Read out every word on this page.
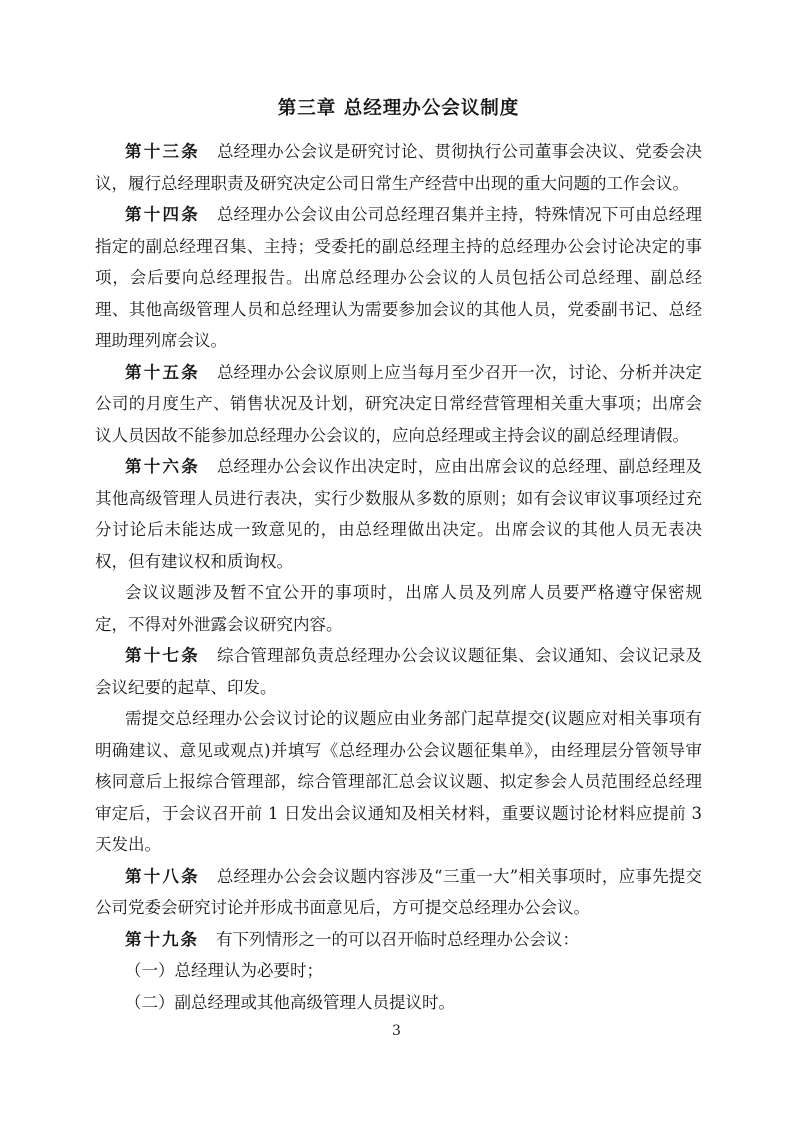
第三章 总经理办公会议制度

第十三条 总经理办公会议是研究讨论、贯彻执行公司董事会决议、党委会决议，履行总经理职责及研究决定公司日常生产经营中出现的重大问题的工作会议。

第十四条 总经理办公会议由公司总经理召集并主持，特殊情况下可由总经理指定的副总经理召集、主持；受委托的副总经理主持的总经理办公会讨论决定的事项，会后要向总经理报告。出席总经理办公会议的人员包括公司总经理、副总经理、其他高级管理人员和总经理认为需要参加会议的其他人员，党委副书记、总经理助理列席会议。

第十五条 总经理办公会议原则上应当每月至少召开一次，讨论、分析并决定公司的月度生产、销售状况及计划，研究决定日常经营管理相关重大事项；出席会议人员因故不能参加总经理办公会议的，应向总经理或主持会议的副总经理请假。

第十六条 总经理办公会议作出决定时，应由出席会议的总经理、副总经理及其他高级管理人员进行表决，实行少数服从多数的原则；如有会议审议事项经过充分讨论后未能达成一致意见的，由总经理做出决定。出席会议的其他人员无表决权，但有建议权和质询权。

会议议题涉及暂不宜公开的事项时，出席人员及列席人员要严格遵守保密规定，不得对外泄露会议研究内容。

第十七条 综合管理部负责总经理办公会议议题征集、会议通知、会议记录及会议纪要的起草、印发。

需提交总经理办公会议讨论的议题应由业务部门起草提交(议题应对相关事项有明确建议、意见或观点)并填写《总经理办公会议题征集单》，由经理层分管领导审核同意后上报综合管理部，综合管理部汇总会议议题、拟定参会人员范围经总经理审定后，于会议召开前 1 日发出会议通知及相关材料，重要议题讨论材料应提前 3 天发出。

第十八条 总经理办公会会议题内容涉及“三重一大”相关事项时，应事先提交公司党委会研究讨论并形成书面意见后，方可提交总经理办公会议。

第十九条 有下列情形之一的可以召开临时总经理办公会议：

（一）总经理认为必要时；

（二）副总经理或其他高级管理人员提议时。

3
